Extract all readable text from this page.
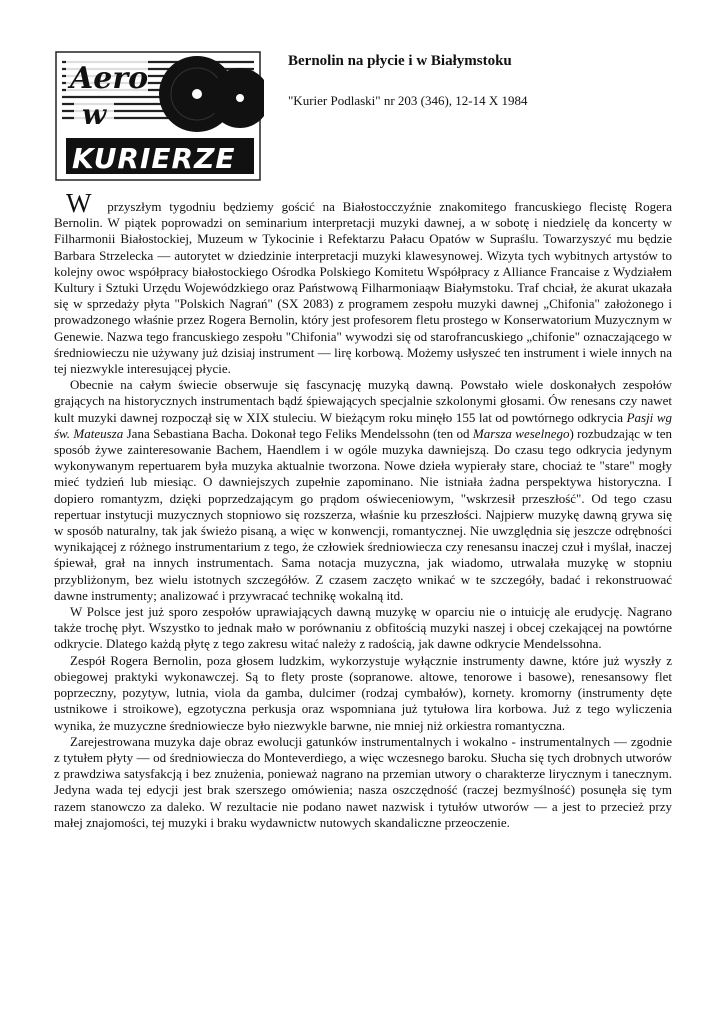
Aero
w
KURIERZE
Bernolin na płycie i w Białymstoku

"Kurier Podlaski" nr 203 (346), 12-14 X 1984

W przyszłym tygodniu będziemy gościć na Białostocczyźnie znakomitego francuskiego flecistę Rogera Bernolin. W piątek poprowadzi on seminarium interpretacji muzyki dawnej, a w sobotę i niedzielę da koncerty w Filharmonii Białostockiej, Muzeum w Tykocinie i Refektarzu Pałacu Opatów w Supraślu. Towarzyszyć mu będzie Barbara Strzelecka — autorytet w dziedzinie interpretacji muzyki klawesynowej. Wizyta tych wybitnych artystów to kolejny owoc współpracy białostockiego Ośrodka Polskiego Komitetu Współpracy z Alliance Francaise z Wydziałem Kultury i Sztuki Urzędu Wojewódzkiego oraz Państwową Filharmoniaąw Białymstoku. Traf chciał, że akurat ukazała się w sprzedaży płyta "Polskich Nagrań" (SX 2083) z programem zespołu muzyki dawnej „Chifonia" założonego i prowadzonego właśnie przez Rogera Bernolin, który jest profesorem fletu prostego w Konserwatorium Muzycznym w Genewie. Nazwa tego francuskiego zespołu "Chifonia" wywodzi się od starofrancuskiego „chifonie" oznaczającego w średniowieczu nie używany już dzisiaj instrument — lirę korbową. Możemy usłyszeć ten instrument i wiele innych na tej niezwykle interesującej płycie.

Obecnie na całym świecie obserwuje się fascynację muzyką dawną. Powstało wiele doskonałych zespołów grających na historycznych instrumentach bądź śpiewających specjalnie szkolonymi głosami. Ów renesans czy nawet kult muzyki dawnej rozpoczął się w XIX stuleciu. W bieżącym roku minęło 155 lat od powtórnego odkrycia Pasji wg św. Mateusza Jana Sebastiana Bacha. Dokonał tego Feliks Mendelssohn (ten od Marsza weselnego) rozbudzając w ten sposób żywe zainteresowanie Bachem, Haendlem i w ogóle muzyka dawniejszą. Do czasu tego odkrycia jedynym wykonywanym repertuarem była muzyka aktualnie tworzona. Nowe dzieła wypierały stare, chociaż te "stare" mogły mieć tydzień lub miesiąc. O dawniejszych zupełnie zapominano. Nie istniała żadna perspektywa historyczna. I dopiero romantyzm, dzięki poprzedzającym go prądom oświeceniowym, "wskrzesił przeszłość". Od tego czasu repertuar instytucji muzycznych stopniowo się rozszerza, właśnie ku przeszłości. Najpierw muzykę dawną grywa się w sposób naturalny, tak jak świeżo pisaną, a więc w konwencji, romantycznej. Nie uwzględnia się jeszcze odrębności wynikającej z różnego instrumentarium z tego, że człowiek średniowiecza czy renesansu inaczej czuł i myślał, inaczej śpiewał, grał na innych instrumentach. Sama notacja muzyczna, jak wiadomo, utrwalała muzykę w stopniu przybliżonym, bez wielu istotnych szczegółów. Z czasem zaczęto wnikać w te szczegóły, badać i rekonstruować dawne instrumenty; analizować i przywracać technikę wokalną itd.

W Polsce jest już sporo zespołów uprawiających dawną muzykę w oparciu nie o intuicję ale erudycję. Nagrano także trochę płyt. Wszystko to jednak mało w porównaniu z obfitością muzyki naszej i obcej czekającej na powtórne odkrycie. Dlatego każdą płytę z tego zakresu witać należy z radością, jak dawne odkrycie Mendelssohna.

Zespół Rogera Bernolin, poza głosem ludzkim, wykorzystuje wyłącznie instrumenty dawne, które już wyszły z obiegowej praktyki wykonawczej. Są to flety proste (sopranowe. altowe, tenorowe i basowe), renesansowy flet poprzeczny, pozytyw, lutnia, viola da gamba, dulcimer (rodzaj cymbałów), kornety. kromorny (instrumenty dęte ustnikowe i stroikowe), egzotyczna perkusja oraz wspomniana już tytułowa lira korbowa. Już z tego wyliczenia wynika, że muzyczne średniowiecze było niezwykle barwne, nie mniej niż orkiestra romantyczna.

Zarejestrowana muzyka daje obraz ewolucji gatunków instrumentalnych i wokalno - instrumentalnych — zgodnie z tytułem płyty — od średniowiecza do Monteverdiego, a więc wczesnego baroku. Słucha się tych drobnych utworów z prawdziwa satysfakcją i bez znużenia, ponieważ nagrano na przemian utwory o charakterze lirycznym i tanecznym. Jedyna wada tej edycji jest brak szerszego omówienia; nasza oszczędność (raczej bezmyślność) posunęła się tym razem stanowczo za daleko. W rezultacie nie podano nawet nazwisk i tytułów utworów — a jest to przecież przy małej znajomości, tej muzyki i braku wydawnictw nutowych skandaliczne przeoczenie.
